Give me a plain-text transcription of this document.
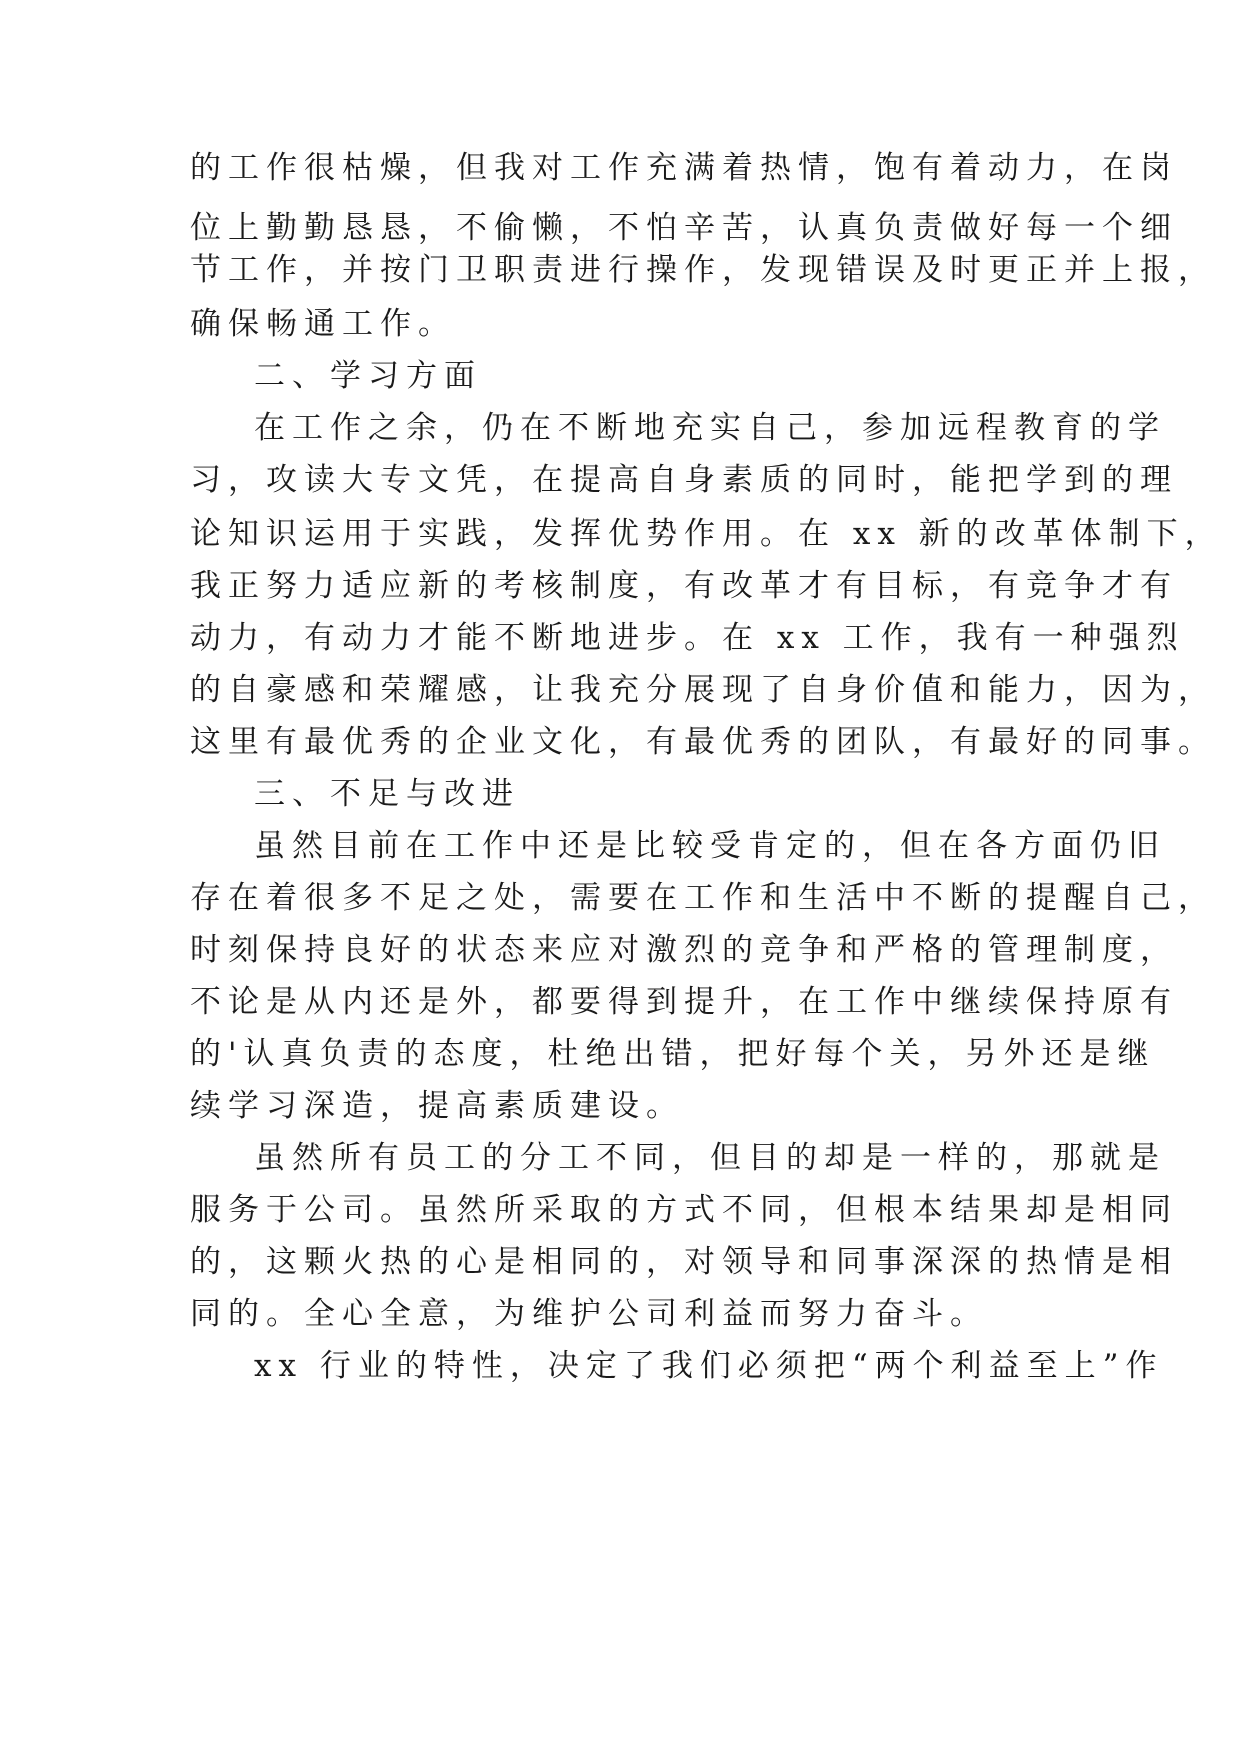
的工作很枯燥，但我对工作充满着热情，饱有着动力，在岗
位上勤勤恳恳，不偷懒，不怕辛苦，认真负责做好每一个细
节工作，并按门卫职责进行操作，发现错误及时更正并上报，
确保畅通工作。
二、学习方面
在工作之余，仍在不断地充实自己，参加远程教育的学
习，攻读大专文凭，在提高自身素质的同时，能把学到的理
论知识运用于实践，发挥优势作用。在 xx 新的改革体制下，
我正努力适应新的考核制度，有改革才有目标，有竞争才有
动力，有动力才能不断地进步。在 xx 工作，我有一种强烈
的自豪感和荣耀感，让我充分展现了自身价值和能力，因为，
这里有最优秀的企业文化，有最优秀的团队，有最好的同事。
三、不足与改进
虽然目前在工作中还是比较受肯定的，但在各方面仍旧
存在着很多不足之处，需要在工作和生活中不断的提醒自己，
时刻保持良好的状态来应对激烈的竞争和严格的管理制度，
不论是从内还是外，都要得到提升，在工作中继续保持原有
的'认真负责的态度，杜绝出错，把好每个关，另外还是继
续学习深造，提高素质建设。
虽然所有员工的分工不同，但目的却是一样的，那就是
服务于公司。虽然所采取的方式不同，但根本结果却是相同
的，这颗火热的心是相同的，对领导和同事深深的热情是相
同的。全心全意，为维护公司利益而努力奋斗。
xx 行业的特性，决定了我们必须把“两个利益至上”作
